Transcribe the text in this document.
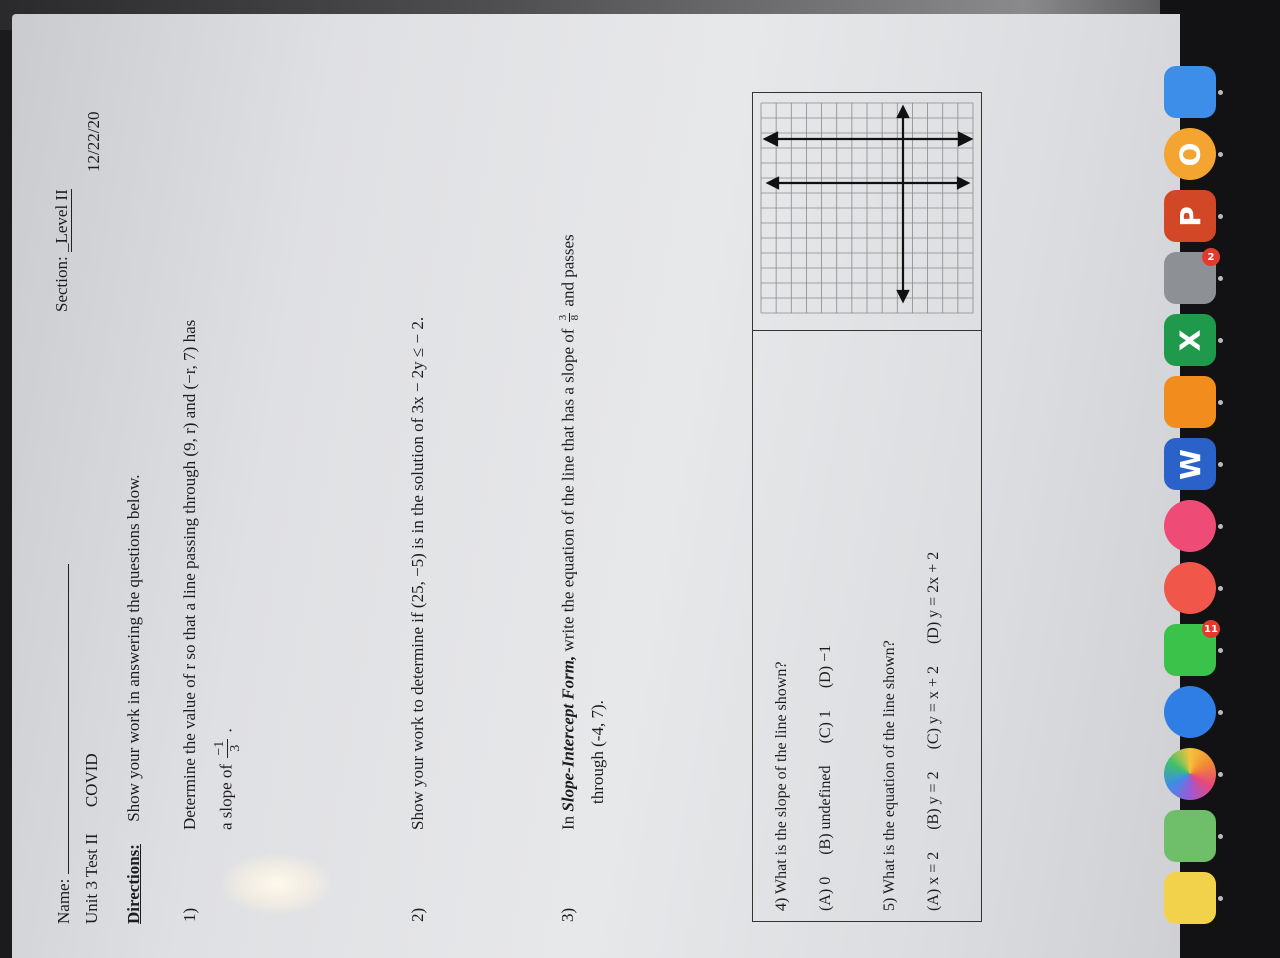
Name:
Section: _Level II
Unit 3 Test II COVID
12/22/20
Directions: Show your work in answering the questions below.
1)
Determine the value of r so that a line passing through (9, r) and (−r, 7) has a slope of
−1 3
.
2)
Show your work to determine if (25, −5) is in the solution of 3x − 2y ≤ − 2.
3)
In Slope-Intercept Form, write the equation of the line that has a slope of
3 8
and passes
through (-4, 7).	4) What is the slope of the line shown? (A) 0 (B) undefined (C) 1 (D) −1	5) What is the equation of the line shown? (A) x = 2 (B) y = 2 (C) y = x + 2 (D) y = 2x + 2	11
W
X
2
P
O
